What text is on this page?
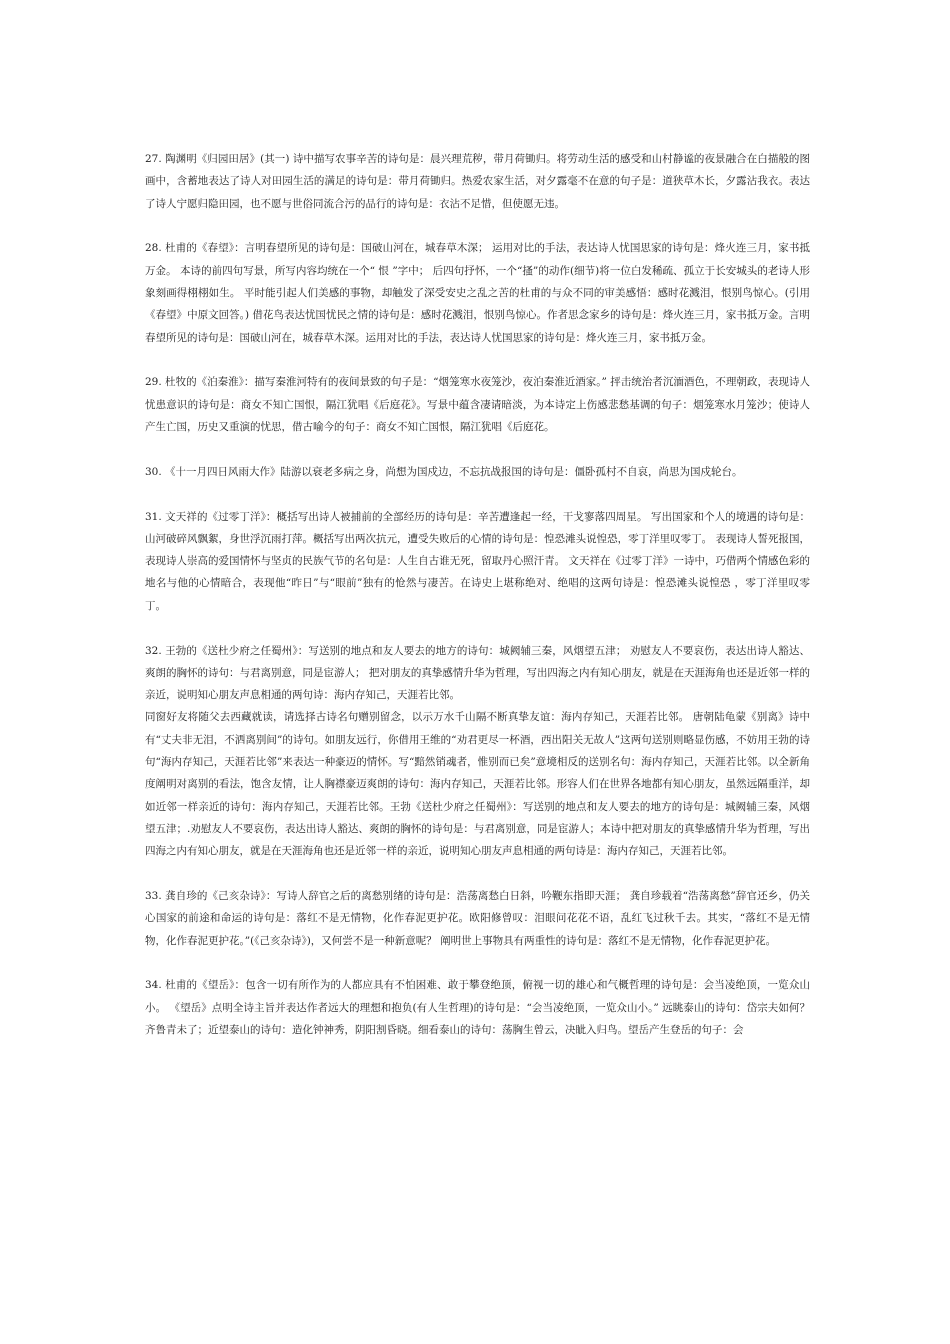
27. 陶渊明《归园田居》(其一) 诗中描写农事辛苦的诗句是：晨兴理荒秽，带月荷锄归。将劳动生活的感受和山村静谧的夜景融合在白描般的图画中，含蓄地表达了诗人对田园生活的满足的诗句是：带月荷锄归。热爱农家生活，对夕露毫不在意的句子是：道狭草木长，夕露沾我衣。表达了诗人宁愿归隐田园，也不愿与世俗同流合污的品行的诗句是：衣沾不足惜，但使愿无违。

28. 杜甫的《春望》：言明春望所见的诗句是：国破山河在，城春草木深； 运用对比的手法，表达诗人忧国思家的诗句是：烽火连三月，家书抵万金。 本诗的前四句写景，所写内容均统在一个“ 恨 ”字中； 后四句抒怀，一个“搔”的动作(细节)将一位白发稀疏、孤立于长安城头的老诗人形象刻画得栩栩如生。 平时能引起人们美感的事物，却触发了深受安史之乱之苦的杜甫的与众不同的审美感悟：感时花溅泪，恨别鸟惊心。(引用《春望》中原文回答。) 借花鸟表达忧国忧民之情的诗句是：感时花溅泪，恨别鸟惊心。作者思念家乡的诗句是：烽火连三月，家书抵万金。言明春望所见的诗句是：国破山河在，城春草木深。运用对比的手法，表达诗人忧国思家的诗句是：烽火连三月，家书抵万金。

29. 杜牧的《泊秦淮》：描写秦淮河特有的夜间景致的句子是：“烟笼寒水夜笼沙，夜泊秦淮近酒家。” 抨击统治者沉湎酒色，不理朝政，表现诗人忧患意识的诗句是：商女不知亡国恨，隔江犹唱《后庭花》。写景中蕴含凄请暗淡，为本诗定上伤感悲愁基调的句子：烟笼寒水月笼沙；使诗人产生亡国，历史又重演的忧思，借古喻今的句子：商女不知亡国恨，隔江犹唱《后庭花。

30. 《十一月四日风雨大作》陆游以衰老多病之身，尚想为国戍边，不忘抗战报国的诗句是：僵卧孤村不自哀，尚思为国戍轮台。

31. 文天祥的《过零丁洋》：概括写出诗人被捕前的全部经历的诗句是：辛苦遭逢起一经，干戈寥落四周星。 写出国家和个人的境遇的诗句是：山河破碎风飘絮，身世浮沉雨打萍。概括写出两次抗元，遭受失败后的心情的诗句是：惶恐滩头说惶恐，零丁洋里叹零丁。 表现诗人誓死报国，表现诗人崇高的爱国情怀与坚贞的民族气节的名句是：人生自古谁无死，留取丹心照汗青。 文天祥在《过零丁洋》一诗中，巧借两个情感色彩的地名与他的心情暗合，表现他“昨日”与“眼前”独有的怆然与凄苦。在诗史上堪称绝对、绝唱的这两句诗是：惶恐滩头说惶恐 ，零丁洋里叹零丁。

32. 王勃的《送杜少府之任蜀州》：写送别的地点和友人要去的地方的诗句：城阙辅三秦，风烟望五津； 劝慰友人不要哀伤，表达出诗人豁达、爽朗的胸怀的诗句：与君离别意，同是宦游人； 把对朋友的真挚感情升华为哲理，写出四海之内有知心朋友，就是在天涯海角也还是近邻一样的亲近，说明知心朋友声息相通的两句诗：海内存知己，天涯若比邻。

同窗好友将随父去西藏就读，请选择古诗名句赠别留念，以示万水千山隔不断真挚友谊：海内存知己，天涯若比邻。 唐朝陆龟蒙《别离》诗中有“丈夫非无泪，不洒离别间”的诗句。如朋友远行，你借用王维的“劝君更尽一杯酒，西出阳关无故人”这两句送别则略显伤感，不妨用王勃的诗句“海内存知己，天涯若比邻”来表达一种豪迈的情怀。写“黯然销魂者，惟别而已矣”意境相反的送别名句：海内存知己，天涯若比邻。以全新角度阐明对离别的看法，饱含友情，让人胸襟豪迈爽朗的诗句：海内存知己，天涯若比邻。形容人们在世界各地都有知心朋友，虽然远隔重洋，却如近邻一样亲近的诗句：海内存知己，天涯若比邻。王勃《送杜少府之任蜀州》：写送别的地点和友人要去的地方的诗句是：城阙辅三秦，风烟望五津；.劝慰友人不要哀伤，表达出诗人豁达、爽朗的胸怀的诗句是：与君离别意，同是宦游人；本诗中把对朋友的真挚感情升华为哲理，写出四海之内有知心朋友，就是在天涯海角也还是近邻一样的亲近，说明知心朋友声息相通的两句诗是：海内存知己，天涯若比邻。

33. 龚自珍的《己亥杂诗》：写诗人辞官之后的离愁别绪的诗句是：浩荡离愁白日斜，吟鞭东指即天涯； 龚自珍载着“浩荡离愁”辞官还乡，仍关心国家的前途和命运的诗句是：落红不是无情物，化作春泥更护花。欧阳修曾叹：泪眼问花花不语，乱红飞过秋千去。其实，“落红不是无情物，化作春泥更护花。”(《己亥杂诗》)，又何尝不是一种新意呢？ 阐明世上事物具有两重性的诗句是：落红不是无情物，化作春泥更护花。

34. 杜甫的《望岳》：包含一切有所作为的人都应具有不怕困难、敢于攀登绝顶，俯视一切的雄心和气概哲理的诗句是：会当凌绝顶，一览众山小。 《望岳》点明全诗主旨并表达作者远大的理想和抱负(有人生哲理)的诗句是：“会当凌绝顶，一览众山小。” 远眺泰山的诗句：岱宗夫如何？齐鲁青未了；近望泰山的诗句：造化钟神秀，阴阳割昏晓。细看泰山的诗句：荡胸生曾云，决眦入归鸟。望岳产生登岳的句子：会
